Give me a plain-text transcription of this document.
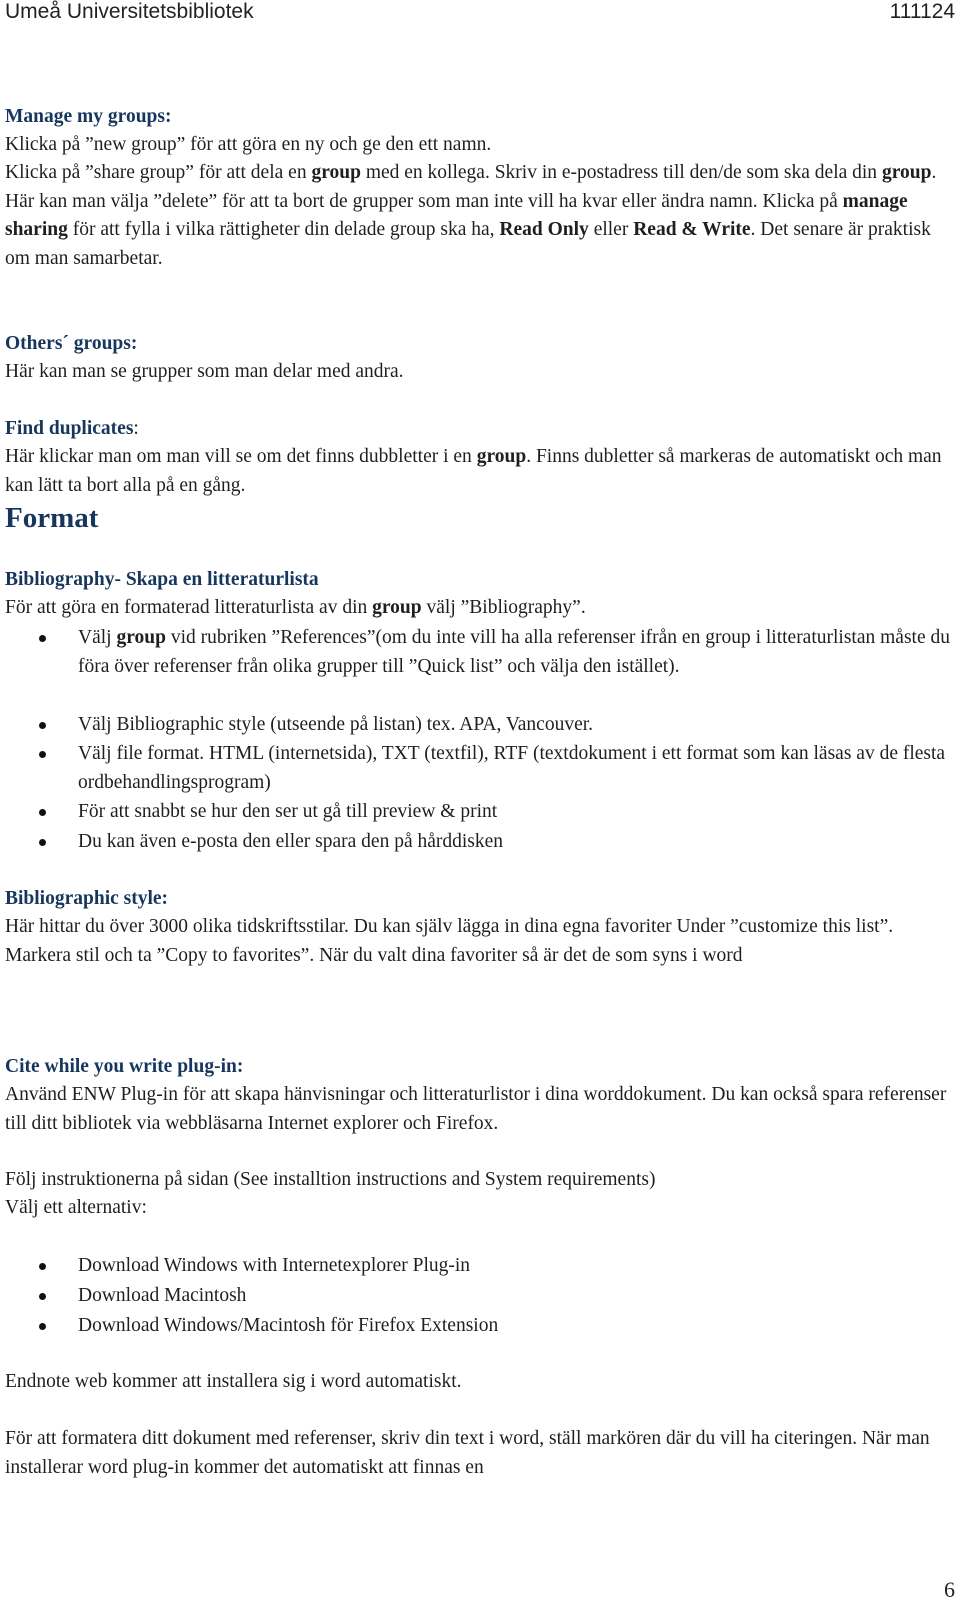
Umeå Universitetsbibliotek	111124
Manage my groups:
Klicka på ”new group” för att göra en ny och ge den ett namn.
Klicka på ”share group” för att dela en group med en kollega. Skriv in e-postadress till den/de som ska dela din group. Här kan man välja ”delete” för att ta bort de grupper som man inte vill ha kvar eller ändra namn. Klicka på manage sharing för att fylla i vilka rättigheter din delade group ska ha, Read Only eller Read & Write. Det senare är praktisk om man samarbetar.
Others´ groups:
Här kan man se grupper som man delar med andra.
Find duplicates:
Här klickar man om man vill se om det finns dubbletter i en group. Finns dubletter så markeras de automatiskt och man kan lätt ta bort alla på en gång.
Format
Bibliography- Skapa en litteraturlista
För att göra en formaterad litteraturlista av din group välj ”Bibliography”.
Välj group vid rubriken ”References”(om du inte vill ha alla referenser ifrån en group i litteraturlistan måste du föra över referenser från olika grupper till ”Quick list” och välja den istället).
Välj Bibliographic style (utseende på listan) tex. APA, Vancouver.
Välj file format. HTML (internetsida), TXT (textfil), RTF (textdokument i ett format som kan läsas av de flesta ordbehandlingsprogram)
För att snabbt se hur den ser ut gå till preview & print
Du kan även e-posta den eller spara den på hårddisken
Bibliographic style:
Här hittar du över 3000 olika tidskriftsstilar. Du kan själv lägga in dina egna favoriter Under ”customize this list”. Markera stil och ta ”Copy to favorites”. När du valt dina favoriter så är det de som syns i word
Cite while you write plug-in:
Använd ENW Plug-in för att skapa hänvisningar och litteraturlistor i dina worddokument. Du kan också spara referenser till ditt bibliotek via webbläsarna Internet explorer och Firefox.
Följ instruktionerna på sidan (See installtion instructions and System requirements)
Välj ett alternativ:
Download Windows with Internetexplorer Plug-in
Download Macintosh
Download Windows/Macintosh för Firefox Extension
Endnote web kommer att installera sig i word automatiskt.
För att formatera ditt dokument med referenser, skriv din text i word, ställ markören där du vill ha citeringen. När man installerar word plug-in kommer det automatiskt att finnas en
6
